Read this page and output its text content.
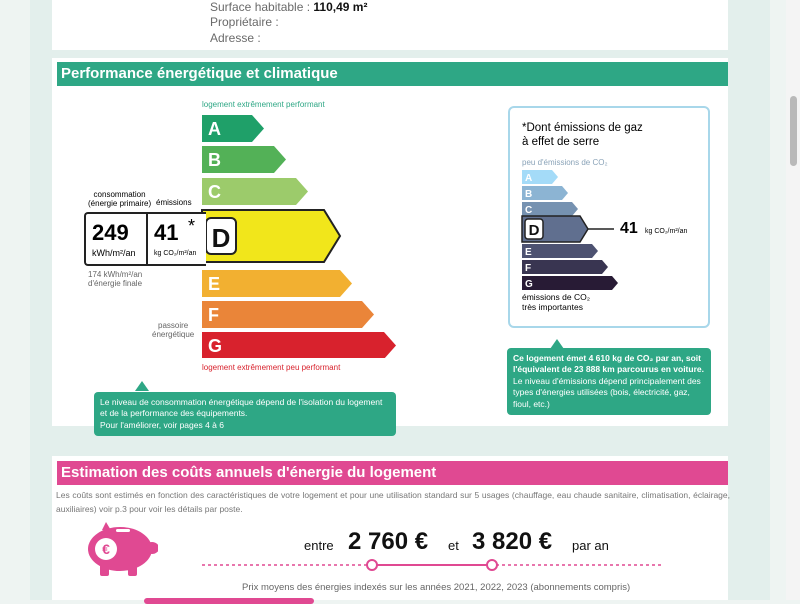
Surface habitable : 110,49 m²
Propriétaire :
Adresse :
Performance énergétique et climatique
logement extrêmement performant
logement extrêmement peu performant
A
B
C
D
E
F
G
249
kWh/m²/an
41 *
kg CO₂/m²/an
consommation
(énergie primaire) émissions
174 kWh/m²/an
d'énergie finale
passoire
énergétique
Le niveau de consommation énergétique dépend de l'isolation du logement et de la performance des équipements.
Pour l'améliorer, voir pages 4 à 6
*Dont émissions de gaz
à effet de serre
peu d'émissions de CO₂
A
B
C
D
E
F
G
41 kg CO₂/m²/an
émissions de CO₂
très importantes
Ce logement émet 4 610 kg de CO₂ par an, soit l'équivalent de 23 888 km parcourus en voiture.
Le niveau d'émissions dépend principalement des types d'énergies utilisées (bois, électricité, gaz, fioul, etc.)
Estimation des coûts annuels d'énergie du logement
Les coûts sont estimés en fonction des caractéristiques de votre logement et pour une utilisation standard sur 5 usages (chauffage, eau chaude sanitaire, climatisation, éclairage, auxiliaires) voir p.3 pour voir les détails par poste.
€	entre 2 760 € et 3 820 € par an
Prix moyens des énergies indexés sur les années 2021, 2022, 2023 (abonnements compris)
